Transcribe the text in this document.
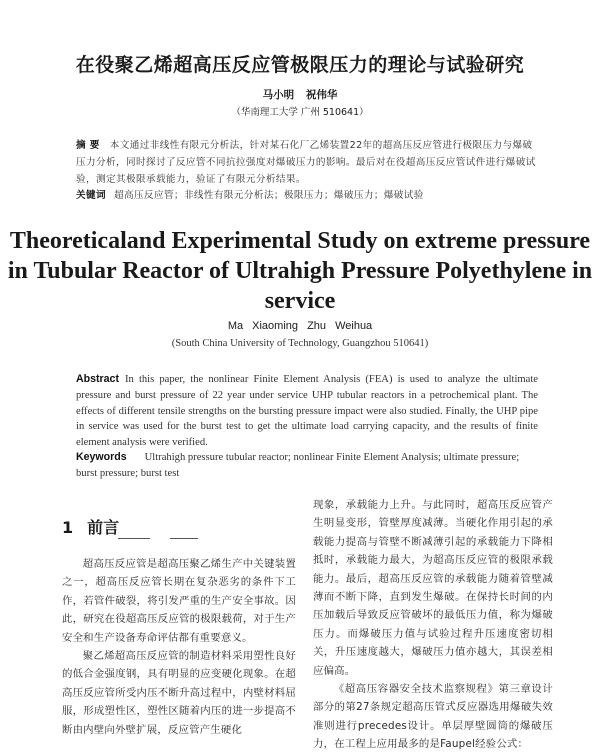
在役聚乙烯超高压反应管极限压力的理论与试验研究
马小明 祝伟华
（华南理工大学 广州 510641）
摘 要 本文通过非线性有限元分析法，针对某石化厂乙烯装置22年的超高压反应管进行极限压力与爆破压力分析，同时探讨了反应管不同抗拉强度对爆破压力的影响。最后对在役超高压反应管试件进行爆破试验，测定其极限承载能力，验证了有限元分析结果。
关键词 超高压反应管；非线性有限元分析法；极限压力；爆破压力；爆破试验
Theoreticaland Experimental Study on extreme pressure in Tubular Reactor of Ultrahigh Pressure Polyethylene in service
Ma Xiaoming Zhu Weihua
(South China University of Technology, Guangzhou 510641)
Abstract In this paper, the nonlinear Finite Element Analysis (FEA) is used to analyze the ultimate pressure and burst pressure of 22 year under service UHP tubular reactors in a petrochemical plant. The effects of different tensile strengths on the bursting pressure impact were also studied. Finally, the UHP pipe in service was used for the burst test to get the ultimate load carrying capacity, and the results of finite element analysis were verified.
Keywords Ultrahigh pressure tubular reactor; nonlinear Finite Element Analysis; ultimate pressure; burst pressure; burst test
1 前言

超高压反应管是超高压聚乙烯生产中关键装置之一，超高压反应管长期在复杂恶劣的条件下工作，若管件破裂，将引发严重的生产安全事故。因此，研究在役超高压反应管的极限载荷，对于生产安全和生产设备寿命评估都有重要意义。

聚乙烯超高压反应管的制造材料采用塑性良好的低合金强度钢，具有明显的应变硬化现象。在超高压反应管所受内压不断升高过程中，内壁材料屈服，形成塑性区，塑性区随着内压的进一步提高不断由内壁向外壁扩展，反应管产生硬化

现象，承载能力上升。与此同时，超高压反应管产生明显变形，管壁厚度减薄。当硬化作用引起的承载能力提高与管壁不断减薄引起的承载能力下降相抵时，承载能力最大，为超高压反应管的极限承载能力。最后，超高压反应管的承载能力随着管壁减薄而不断下降，直到发生爆破。在保持长时间的内压加载后导致反应管破坏的最低压力值，称为爆破压力。而爆破压力值与试验过程升压速度密切相关，升压速度越大，爆破压力值亦越大，其误差相应偏高。

《超高压容器安全技术监察规程》第三章设计部分的第27条规定超高压管式反应器选用爆破失效准则进行precedes设计。单层厚壁圆筒的爆破压力，在工程上应用最多的是Faupel经验公式：
